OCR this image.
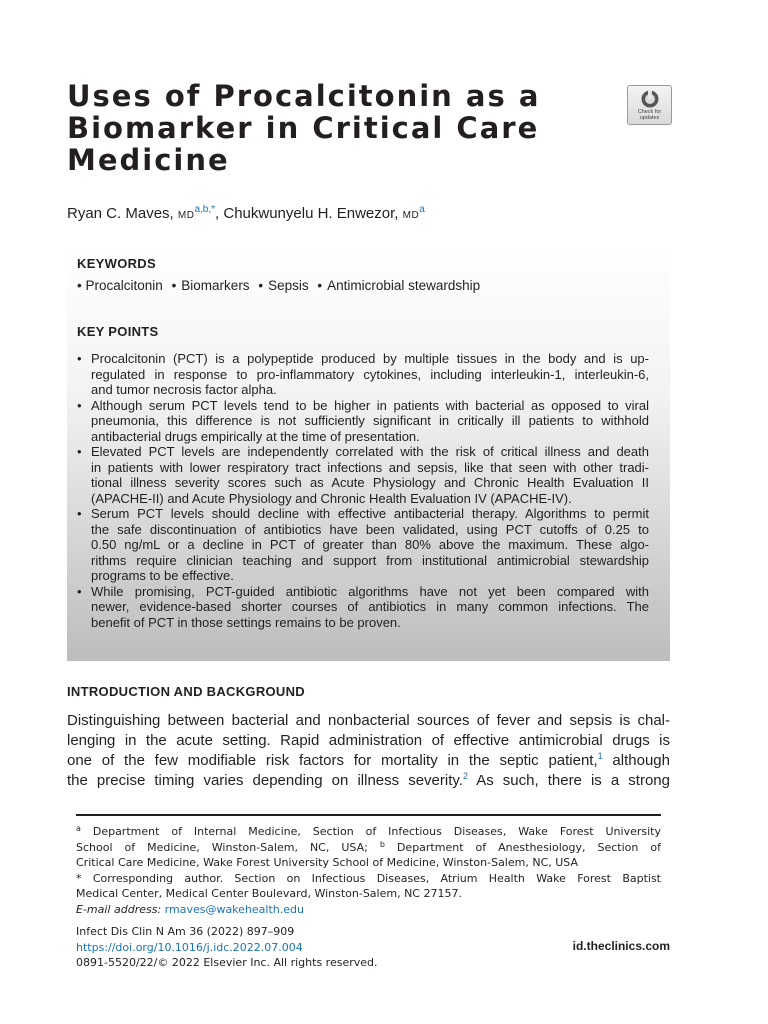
Uses of Procalcitonin as a
Biomarker in Critical Care
Medicine
Check for
updates
Ryan C. Maves, $MD^{a,b,*}$, Chukwunyelu H. Enwezor, $MD^a$
KEYWORDS
• Procalcitonin • Biomarkers • Sepsis • Antimicrobial stewardship
KEY POINTS
• Procalcitonin (PCT) is a polypeptide produced by multiple tissues in the body and is up-
regulated in response to pro-inflammatory cytokines, including interleukin-1, interleukin-6,
and tumor necrosis factor alpha.
• Although serum PCT levels tend to be higher in patients with bacterial as opposed to viral
pneumonia, this difference is not sufficiently significant in critically ill patients to withhold
antibacterial drugs empirically at the time of presentation.
• Elevated PCT levels are independently correlated with the risk of critical illness and death
in patients with lower respiratory tract infections and sepsis, like that seen with other tradi-
tional illness severity scores such as Acute Physiology and Chronic Health Evaluation II
(APACHE-II) and Acute Physiology and Chronic Health Evaluation IV (APACHE-IV).
• Serum PCT levels should decline with effective antibacterial therapy. Algorithms to permit
the safe discontinuation of antibiotics have been validated, using PCT cutoffs of 0.25 to
0.50 ng/mL or a decline in PCT of greater than 80% above the maximum. These algo-
rithms require clinician teaching and support from institutional antimicrobial stewardship
programs to be effective.
• While promising, PCT-guided antibiotic algorithms have not yet been compared with
newer, evidence-based shorter courses of antibiotics in many common infections. The
benefit of PCT in those settings remains to be proven.
INTRODUCTION AND BACKGROUND
Distinguishing between bacterial and nonbacterial sources of fever and sepsis is chal-
lenging in the acute setting. Rapid administration of effective antimicrobial drugs is
one of the few modifiable risk factors for mortality in the septic patient,$^1$ although
the precise timing varies depending on illness severity.$^2$ As such, there is a strong
$^a$ Department of Internal Medicine, Section of Infectious Diseases, Wake Forest University
School of Medicine, Winston-Salem, NC, USA; $^b$ Department of Anesthesiology, Section of
Critical Care Medicine, Wake Forest University School of Medicine, Winston-Salem, NC, USA
* Corresponding author. Section on Infectious Diseases, Atrium Health Wake Forest Baptist
Medical Center, Medical Center Boulevard, Winston-Salem, NC 27157.
E-mail address: rmaves@wakehealth.edu
Infect Dis Clin N Am 36 (2022) 897–909
https://doi.org/10.1016/j.idc.2022.07.004
0891-5520/22/© 2022 Elsevier Inc. All rights reserved.
id.theclinics.com
